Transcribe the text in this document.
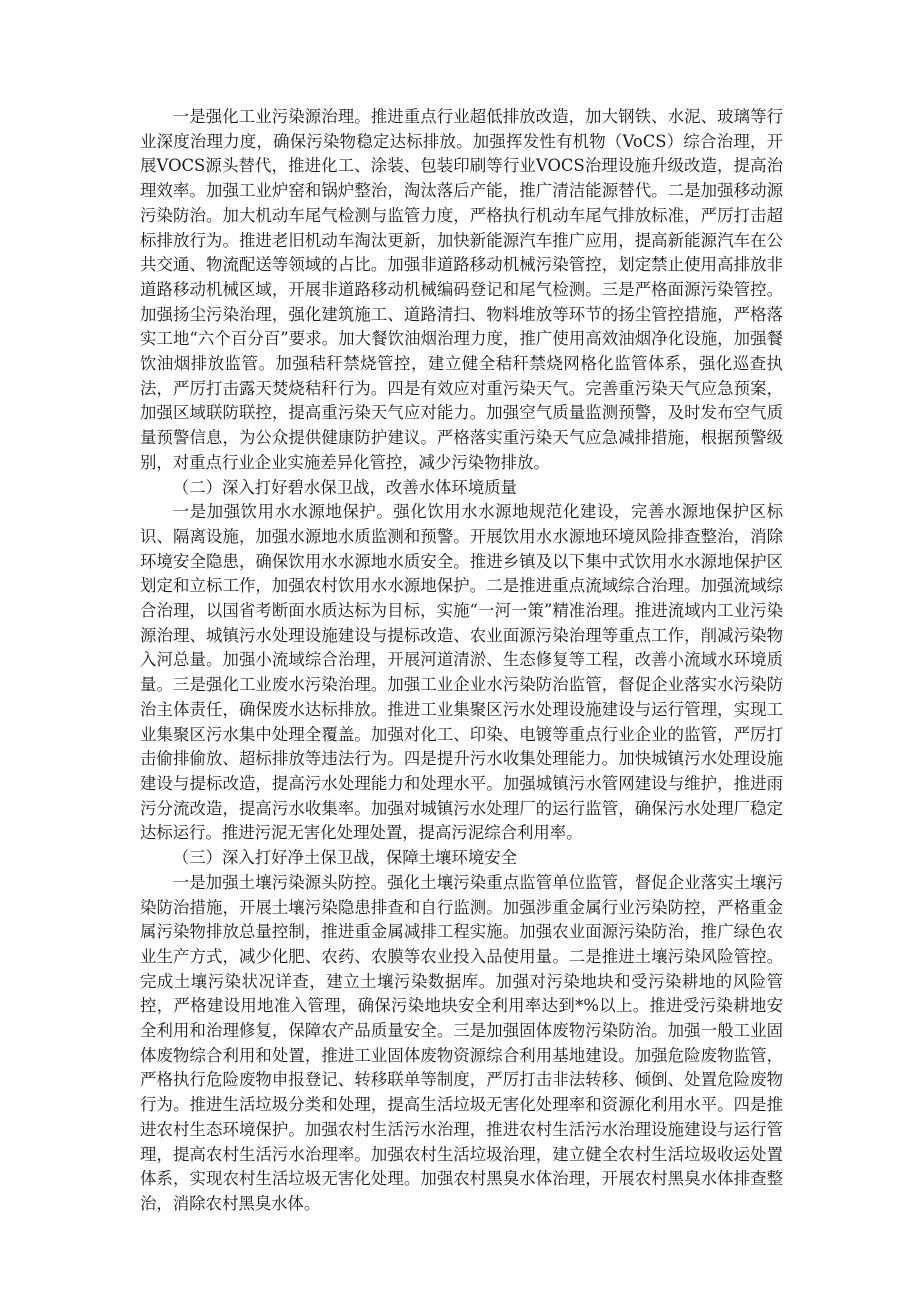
一是强化工业污染源治理。推进重点行业超低排放改造，加大钢铁、水泥、玻璃等行业深度治理力度，确保污染物稳定达标排放。加强挥发性有机物（VoCS）综合治理，开展VOCS源头替代，推进化工、涂装、包装印刷等行业VOCS治理设施升级改造，提高治理效率。加强工业炉窑和锅炉整治，淘汰落后产能，推广清洁能源替代。二是加强移动源污染防治。加大机动车尾气检测与监管力度，严格执行机动车尾气排放标准，严厉打击超标排放行为。推进老旧机动车淘汰更新，加快新能源汽车推广应用，提高新能源汽车在公共交通、物流配送等领域的占比。加强非道路移动机械污染管控，划定禁止使用高排放非道路移动机械区域，开展非道路移动机械编码登记和尾气检测。三是严格面源污染管控。加强扬尘污染治理，强化建筑施工、道路清扫、物料堆放等环节的扬尘管控措施，严格落实工地“六个百分百”要求。加大餐饮油烟治理力度，推广使用高效油烟净化设施，加强餐饮油烟排放监管。加强秸秆禁烧管控，建立健全秸秆禁烧网格化监管体系，强化巡查执法，严厉打击露天焚烧秸秆行为。四是有效应对重污染天气。完善重污染天气应急预案，加强区域联防联控，提高重污染天气应对能力。加强空气质量监测预警，及时发布空气质量预警信息，为公众提供健康防护建议。严格落实重污染天气应急减排措施，根据预警级别，对重点行业企业实施差异化管控，减少污染物排放。

（二）深入打好碧水保卫战，改善水体环境质量

一是加强饮用水水源地保护。强化饮用水水源地规范化建设，完善水源地保护区标识、隔离设施，加强水源地水质监测和预警。开展饮用水水源地环境风险排查整治，消除环境安全隐患，确保饮用水水源地水质安全。推进乡镇及以下集中式饮用水水源地保护区划定和立标工作，加强农村饮用水水源地保护。二是推进重点流域综合治理。加强流域综合治理，以国省考断面水质达标为目标，实施“一河一策”精准治理。推进流域内工业污染源治理、城镇污水处理设施建设与提标改造、农业面源污染治理等重点工作，削减污染物入河总量。加强小流域综合治理，开展河道清淤、生态修复等工程，改善小流域水环境质量。三是强化工业废水污染治理。加强工业企业水污染防治监管，督促企业落实水污染防治主体责任，确保废水达标排放。推进工业集聚区污水处理设施建设与运行管理，实现工业集聚区污水集中处理全覆盖。加强对化工、印染、电镀等重点行业企业的监管，严厉打击偷排偷放、超标排放等违法行为。四是提升污水收集处理能力。加快城镇污水处理设施建设与提标改造，提高污水处理能力和处理水平。加强城镇污水管网建设与维护，推进雨污分流改造，提高污水收集率。加强对城镇污水处理厂的运行监管，确保污水处理厂稳定达标运行。推进污泥无害化处理处置，提高污泥综合利用率。

（三）深入打好净土保卫战，保障土壤环境安全

一是加强土壤污染源头防控。强化土壤污染重点监管单位监管，督促企业落实土壤污染防治措施，开展土壤污染隐患排查和自行监测。加强涉重金属行业污染防控，严格重金属污染物排放总量控制，推进重金属减排工程实施。加强农业面源污染防治，推广绿色农业生产方式，减少化肥、农药、农膜等农业投入品使用量。二是推进土壤污染风险管控。完成土壤污染状况详查，建立土壤污染数据库。加强对污染地块和受污染耕地的风险管控，严格建设用地准入管理，确保污染地块安全利用率达到*%以上。推进受污染耕地安全利用和治理修复，保障农产品质量安全。三是加强固体废物污染防治。加强一般工业固体废物综合利用和处置，推进工业固体废物资源综合利用基地建设。加强危险废物监管，严格执行危险废物申报登记、转移联单等制度，严厉打击非法转移、倾倒、处置危险废物行为。推进生活垃圾分类和处理，提高生活垃圾无害化处理率和资源化利用水平。四是推进农村生态环境保护。加强农村生活污水治理，推进农村生活污水治理设施建设与运行管理，提高农村生活污水治理率。加强农村生活垃圾治理，建立健全农村生活垃圾收运处置体系，实现农村生活垃圾无害化处理。加强农村黑臭水体治理，开展农村黑臭水体排查整治，消除农村黑臭水体。
